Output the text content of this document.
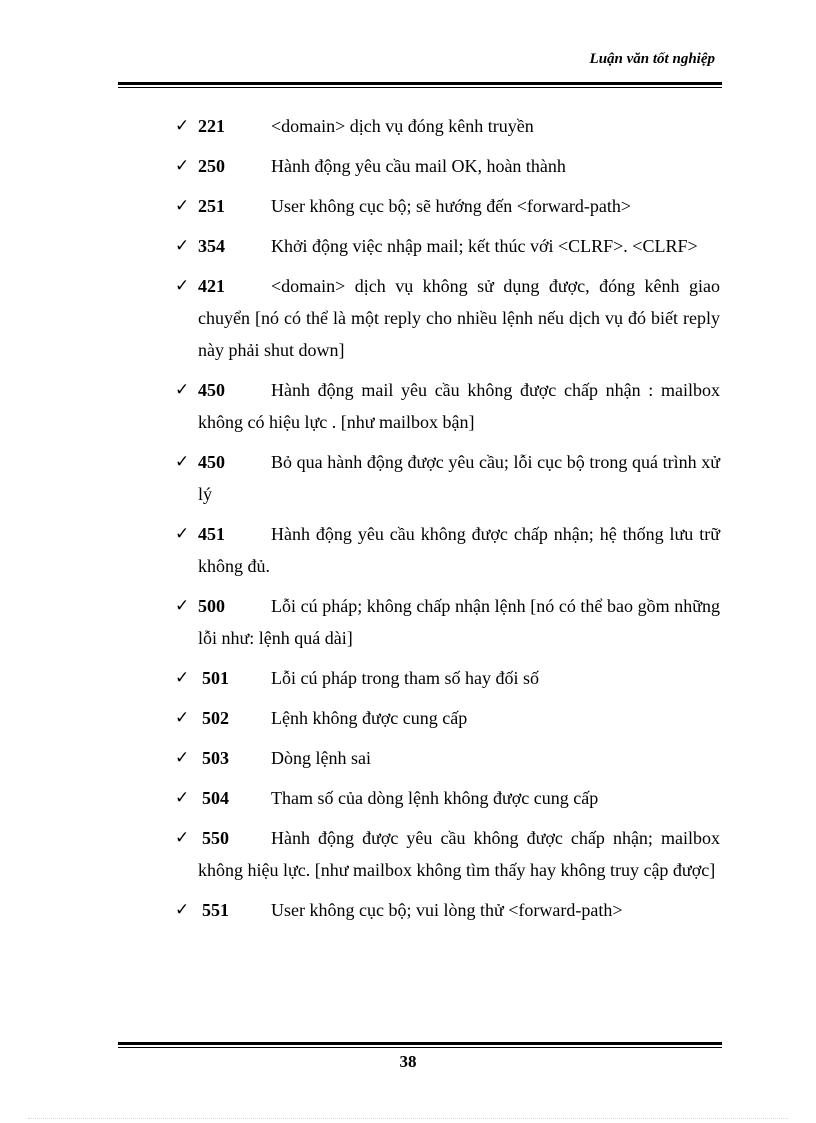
Luận văn tốt nghiệp
✓ 221	<domain> dịch vụ đóng kênh truyền
✓ 250	Hành động yêu cầu mail OK, hoàn thành
✓ 251	User không cục bộ; sẽ hướng đến <forward-path>
✓ 354	Khởi động việc nhập mail; kết thúc với <CLRF>. <CLRF>
✓ 421	<domain> dịch vụ không sử dụng được, đóng kênh giao chuyển [nó có thể là một reply cho nhiều lệnh nếu dịch vụ đó biết reply này phải shut down]
✓ 450	Hành động mail yêu cầu không được chấp nhận : mailbox không có hiệu lực . [như mailbox bận]
✓ 450	Bỏ qua hành động được yêu cầu; lỗi cục bộ trong quá trình xử lý
✓ 451	Hành động yêu cầu không được chấp nhận; hệ thống lưu trữ không đủ.
✓ 500	Lỗi cú pháp; không chấp nhận lệnh [nó có thể bao gồm những lỗi như: lệnh quá dài]
✓ 501 Lỗi cú pháp trong tham số hay đối số
✓ 502 Lệnh không được cung cấp
✓ 503 Dòng lệnh sai
✓ 504 Tham số của dòng lệnh không được cung cấp
✓ 550 Hành động được yêu cầu không được chấp nhận; mailbox không hiệu lực. [như mailbox không tìm thấy hay không truy cập được]
✓ 551 User không cục bộ; vui lòng thử <forward-path>
38
